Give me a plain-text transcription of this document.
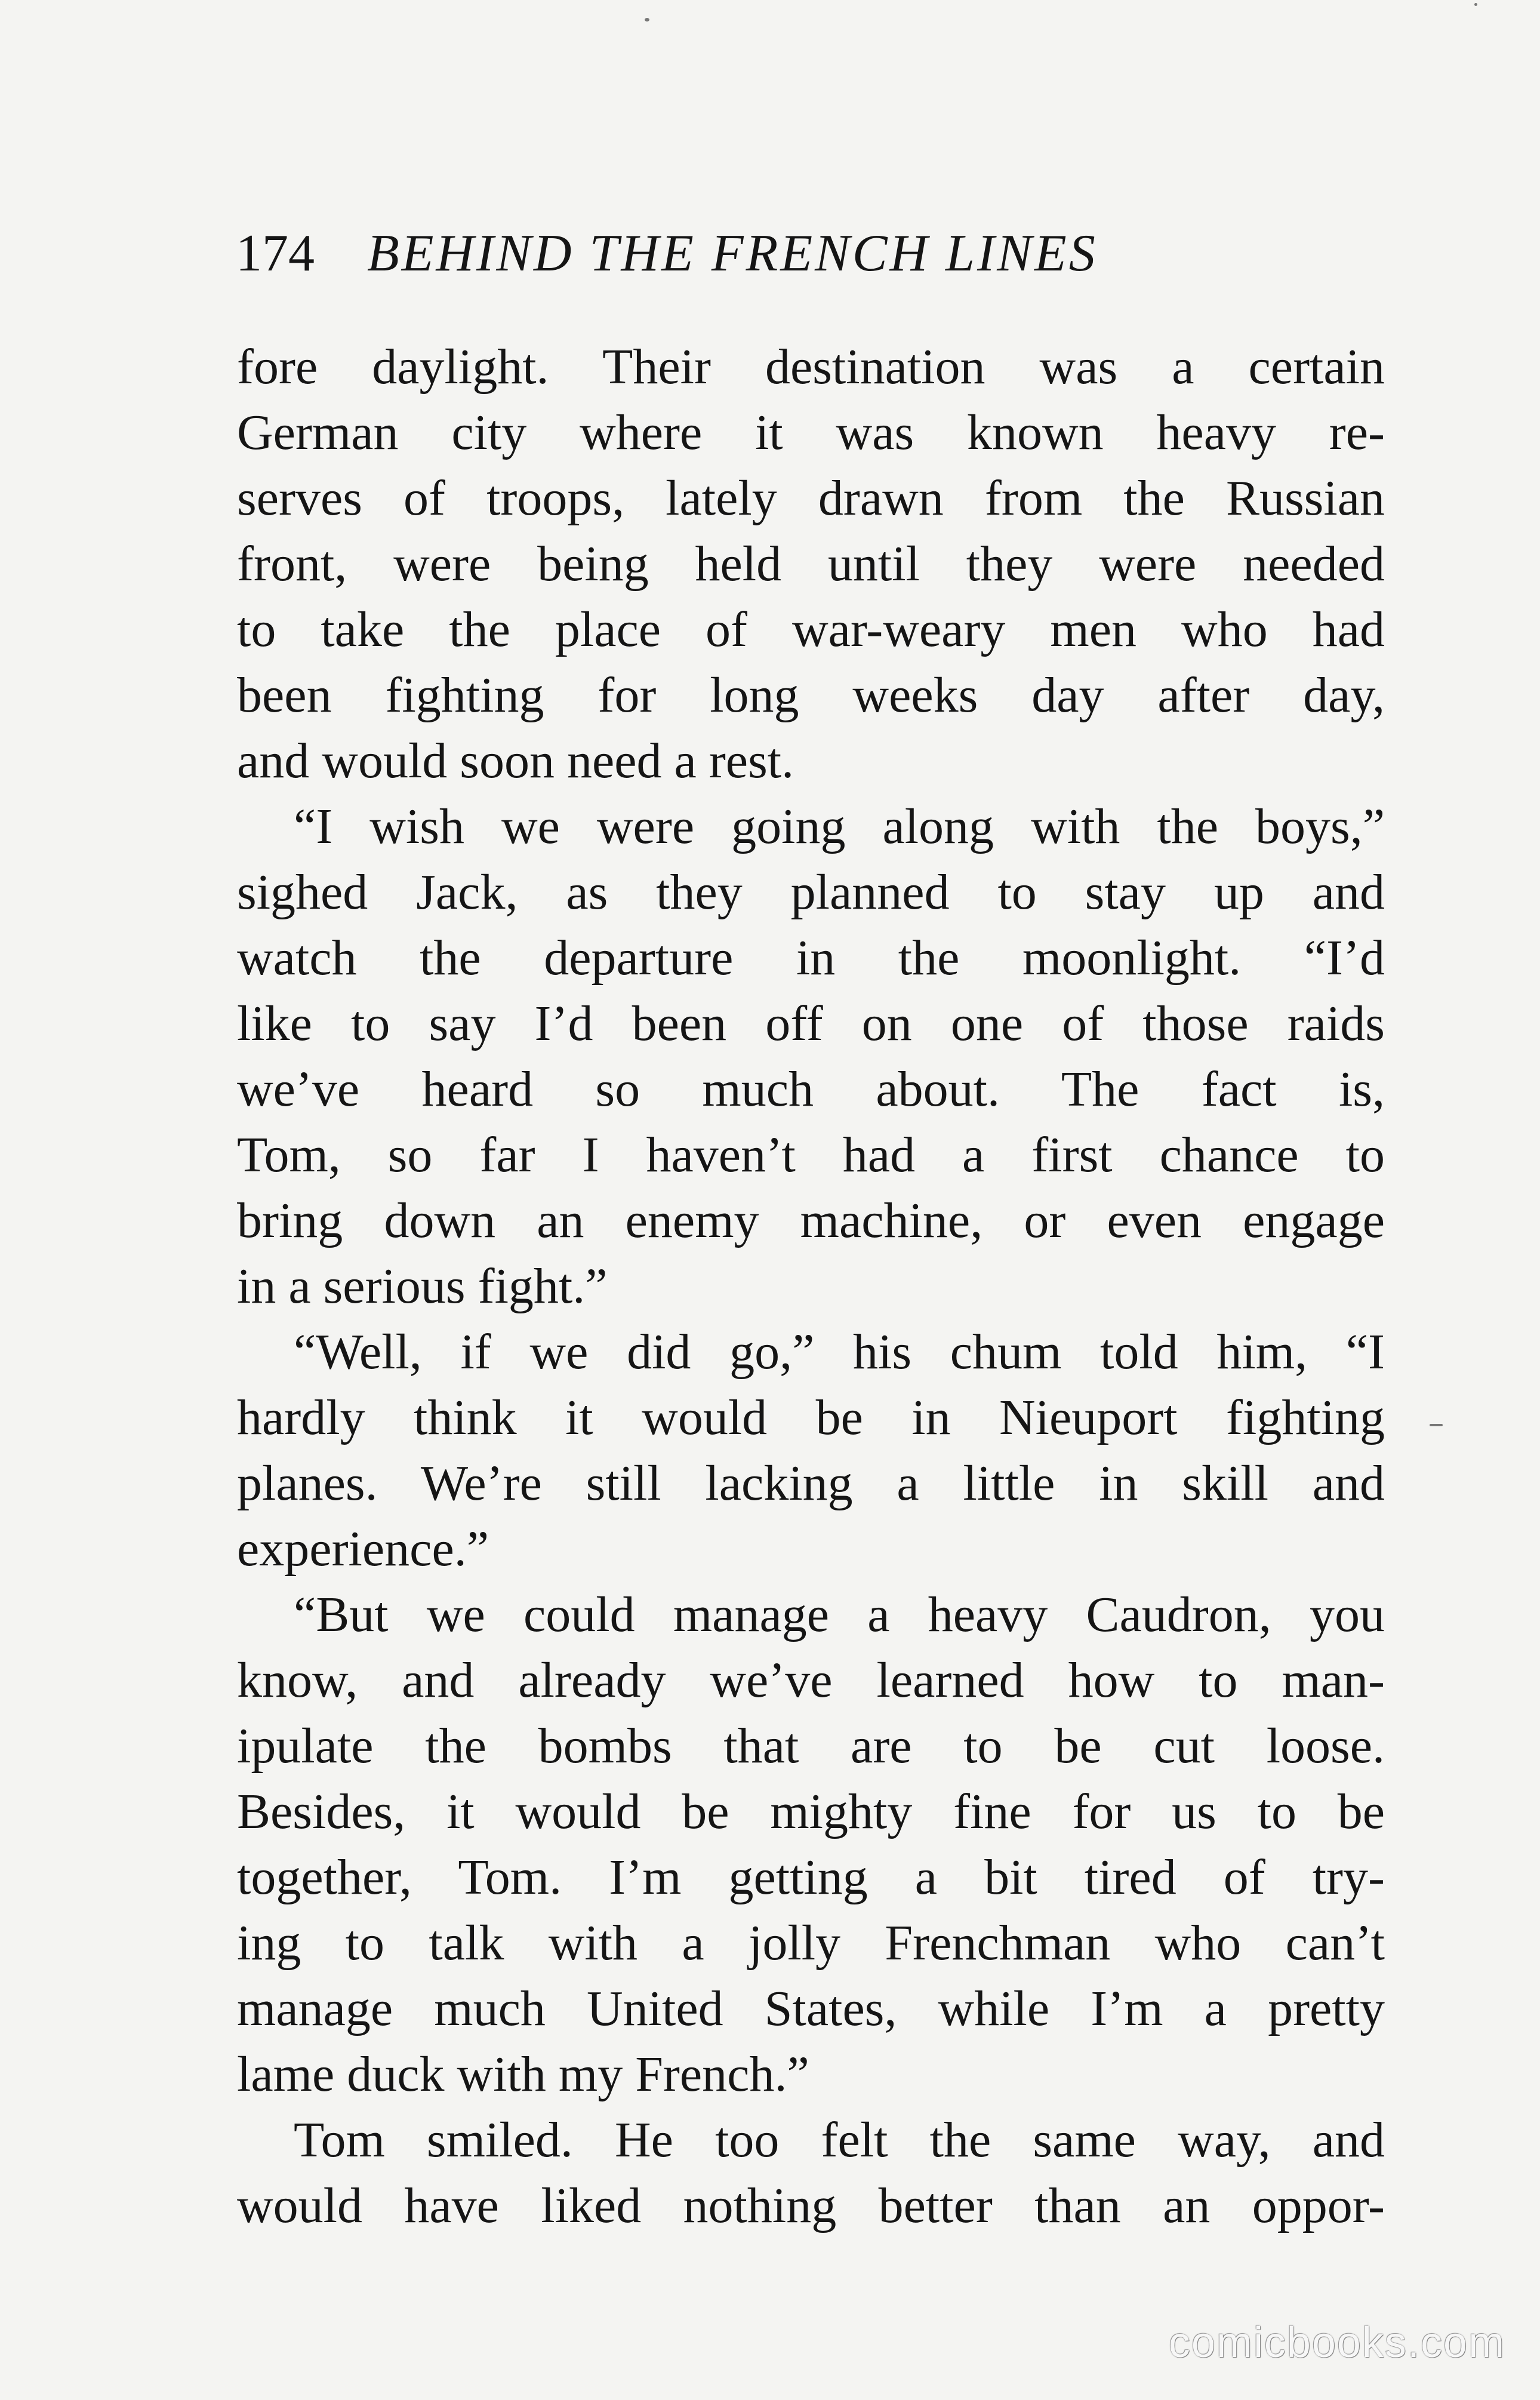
174 BEHIND THE FRENCH LINES
fore daylight. Their destination was a certain
German city where it was known heavy re-
serves of troops, lately drawn from the Russian
front, were being held until they were needed
to take the place of war-weary men who had
been fighting for long weeks day after day,
and would soon need a rest.
“I wish we were going along with the boys,”
sighed Jack, as they planned to stay up and
watch the departure in the moonlight. “I’d
like to say I’d been off on one of those raids
we’ve heard so much about. The fact is,
Tom, so far I haven’t had a first chance to
bring down an enemy machine, or even engage
in a serious fight.”
“Well, if we did go,” his chum told him, “I
hardly think it would be in Nieuport fighting
planes. We’re still lacking a little in skill and
experience.”
“But we could manage a heavy Caudron, you
know, and already we’ve learned how to man-
ipulate the bombs that are to be cut loose.
Besides, it would be mighty fine for us to be
together, Tom. I’m getting a bit tired of try-
ing to talk with a jolly Frenchman who can’t
manage much United States, while I’m a pretty
lame duck with my French.”
Tom smiled. He too felt the same way, and
would have liked nothing better than an oppor-
comicbooks.com
